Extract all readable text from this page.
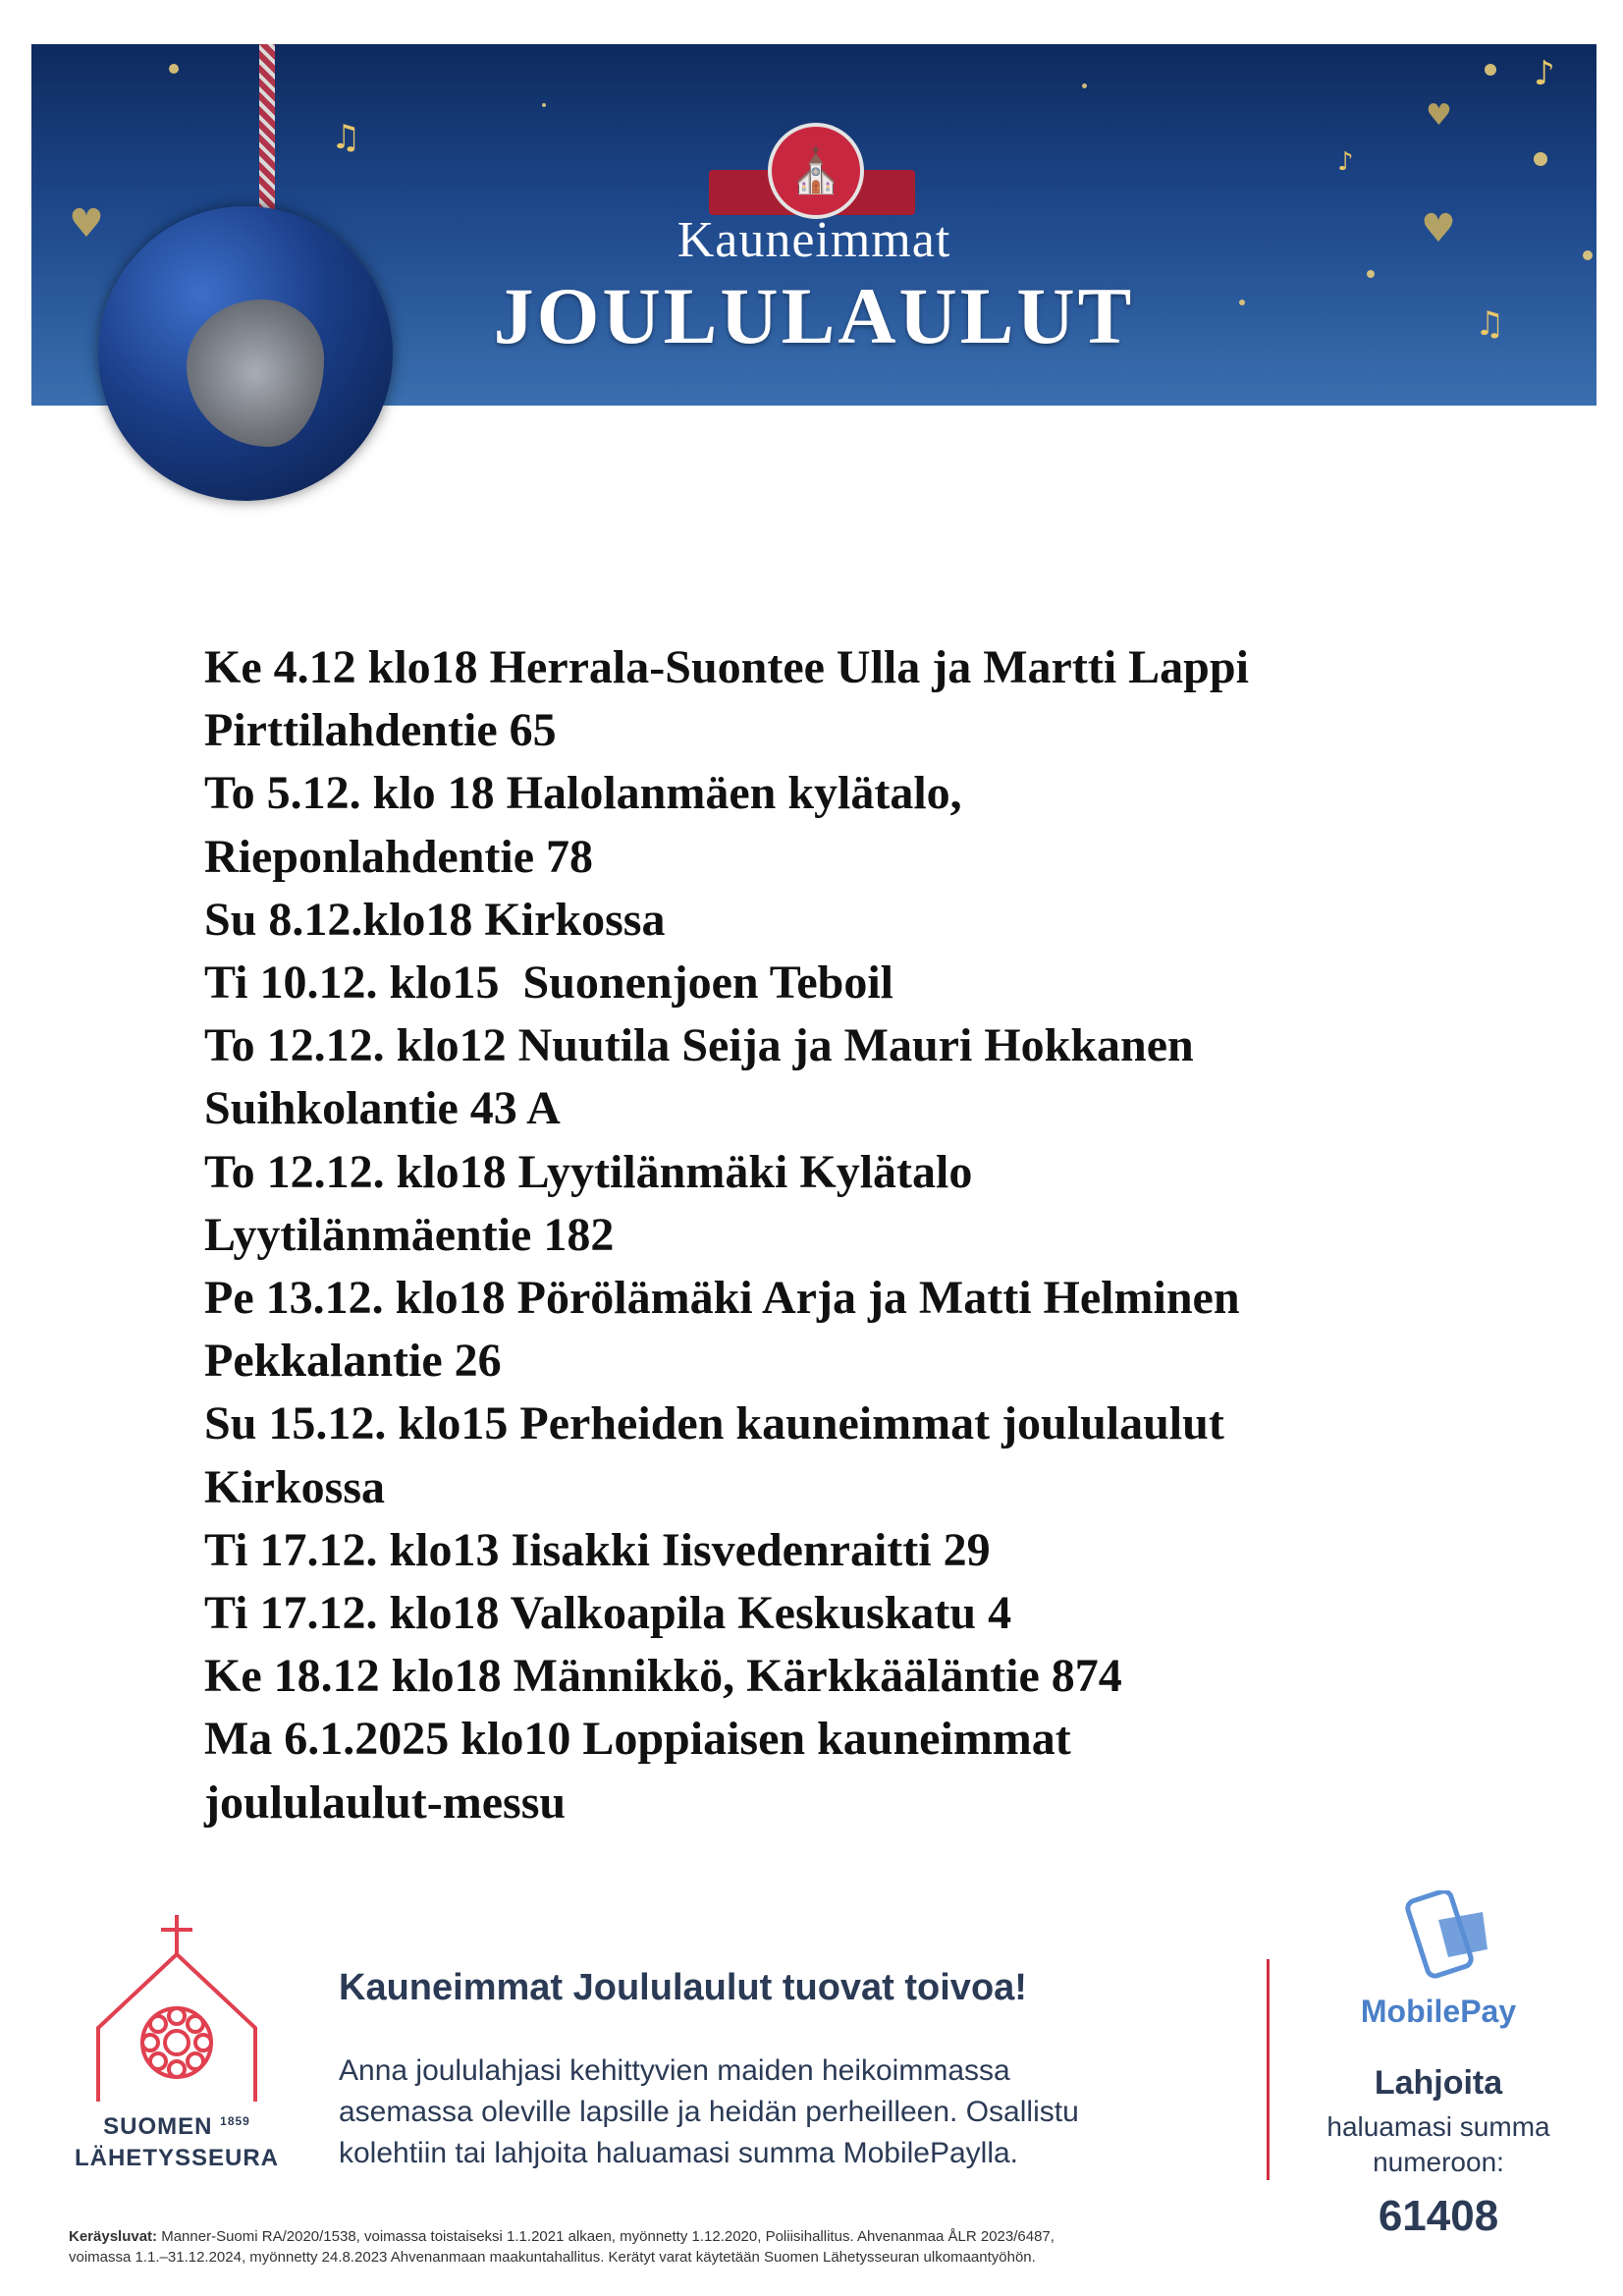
♫
♪
♫
♪
♥	♥
♥
⛪
Kauneimmat
JOULULAULUT
Ke 4.12 klo18 Herrala-Suontee Ulla ja Martti Lappi
Pirttilahdentie 65
To 5.12. klo 18 Halolanmäen kylätalo,
Rieponlahdentie 78
Su 8.12.klo18 Kirkossa
Ti 10.12. klo15  Suonenjoen Teboil
To 12.12. klo12 Nuutila Seija ja Mauri Hokkanen
Suihkolantie 43 A
To 12.12. klo18 Lyytilänmäki Kylätalo
Lyytilänmäentie 182
Pe 13.12. klo18 Pörölämäki Arja ja Matti Helminen
Pekkalantie 26
Su 15.12. klo15 Perheiden kauneimmat joululaulut
Kirkossa
Ti 17.12. klo13 Iisakki Iisvedenraitti 29
Ti 17.12. klo18 Valkoapila Keskuskatu 4
Ke 18.12 klo18 Männikkö, Kärkkääläntie 874
Ma 6.1.2025 klo10 Loppiaisen kauneimmat
joululaulut-messu
SUOMEN $^{1859}$
LÄHETYSSEURA
Kauneimmat Joululaulut tuovat toivoa!
Anna joululahjasi kehittyvien maiden heikoimmassa
asemassa oleville lapsille ja heidän perheilleen. Osallistu
kolehtiin tai lahjoita haluamasi summa MobilePaylla.
MobilePay
Lahjoita
haluamasi summa
numeroon:
61408
Keräysluvat: Manner-Suomi RA/2020/1538, voimassa toistaiseksi 1.1.2021 alkaen, myönnetty 1.12.2020, Poliisihallitus. Ahvenanmaa ÅLR 2023/6487,
voimassa 1.1.–31.12.2024, myönnetty 24.8.2023 Ahvenanmaan maakuntahallitus. Kerätyt varat käytetään Suomen Lähetysseuran ulkomaantyöhön.
